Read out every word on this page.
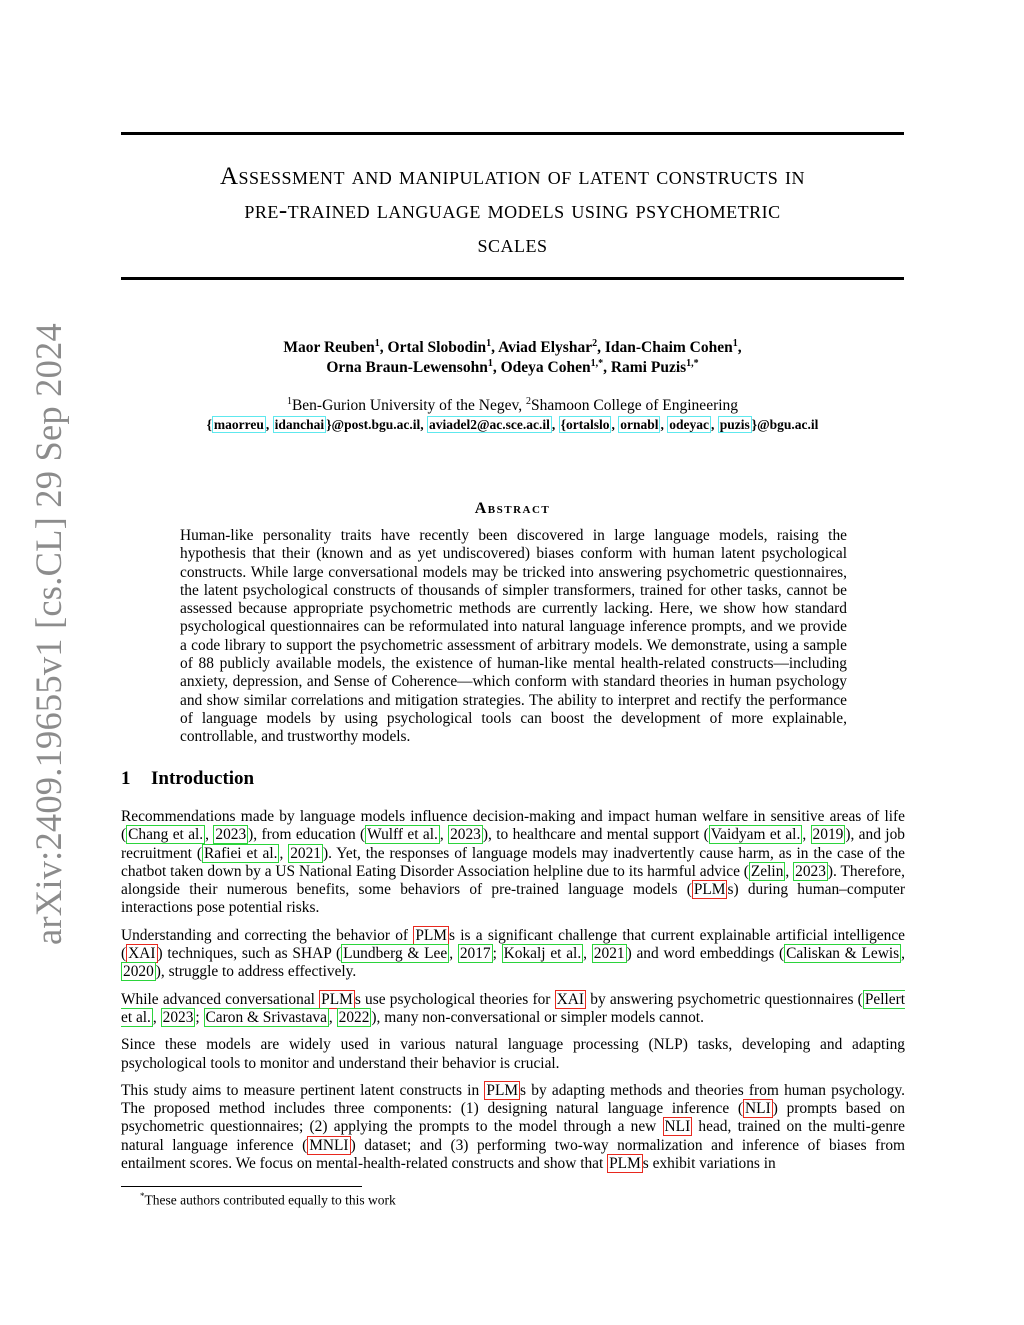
arXiv:2409.19655v1 [cs.CL] 29 Sep 2024
Assessment and manipulation of latent constructs in
pre-trained language models using psychometric
scales
Maor Reuben$^1$, Ortal Slobodin$^1$, Aviad Elyshar$^2$, Idan-Chaim Cohen$^1$,
Orna Braun-Lewensohn$^1$, Odeya Cohen$^{1,*}$, Rami Puzis$^{1,*}$
$^1$Ben-Gurion University of the Negev, $^2$Shamoon College of Engineering
{ maorreu , idanchai }@post.bgu.ac.il, aviadel2@ac.sce.ac.il , {ortalslo , ornabl , odeyac , puzis }@bgu.ac.il
Abstract
Human-like personality traits have recently been discovered in large language models, raising the hypothesis that their (known and as yet undiscovered) biases conform with human latent psychological constructs. While large conversational models may be tricked into answering psychometric questionnaires, the latent psychological constructs of thousands of simpler transformers, trained for other tasks, cannot be assessed because appropriate psychometric methods are currently lacking. Here, we show how standard psychological questionnaires can be reformulated into natural language inference prompts, and we provide a code library to support the psychometric assessment of arbitrary models. We demonstrate, using a sample of 88 publicly available models, the existence of human-like mental health-related constructs—including anxiety, depression, and Sense of Coherence—which conform with standard theories in human psychology and show similar correlations and mitigation strategies. The ability to interpret and rectify the performance of language models by using psychological tools can boost the development of more explainable, controllable, and trustworthy models.
1 Introduction

Recommendations made by language models influence decision-making and impact human welfare in sensitive areas of life ( Chang et al. , 2023 ), from education ( Wulff et al. , 2023 ), to healthcare and mental support ( Vaidyam et al. , 2019 ), and job recruitment ( Rafiei et al. , 2021 ). Yet, the responses of language models may inadvertently cause harm, as in the case of the chatbot taken down by a US National Eating Disorder Association helpline due to its harmful advice ( Zelin , 2023 ). Therefore, alongside their numerous benefits, some behaviors of pre-trained language models ( PLM s) during human–computer interactions pose potential risks.

Understanding and correcting the behavior of PLM s is a significant challenge that current explainable artificial intelligence ( XAI ) techniques, such as SHAP ( Lundberg & Lee , 2017 ; Kokalj et al. , 2021 ) and word embeddings ( Caliskan & Lewis , 2020 ), struggle to address effectively.

While advanced conversational PLM s use psychological theories for XAI by answering psychometric questionnaires ( Pellert et al. , 2023 ; Caron & Srivastava , 2022 ), many non-conversational or simpler models cannot.

Since these models are widely used in various natural language processing (NLP) tasks, developing and adapting psychological tools to monitor and understand their behavior is crucial.

This study aims to measure pertinent latent constructs in PLM s by adapting methods and theories from human psychology. The proposed method includes three components: (1) designing natural language inference ( NLI ) prompts based on psychometric questionnaires; (2) applying the prompts to the model through a new NLI head, trained on the multi-genre natural language inference ( MNLI ) dataset; and (3) performing two-way normalization and inference of biases from entailment scores. We focus on mental-health-related constructs and show that PLM s exhibit variations in

*These authors contributed equally to this work
